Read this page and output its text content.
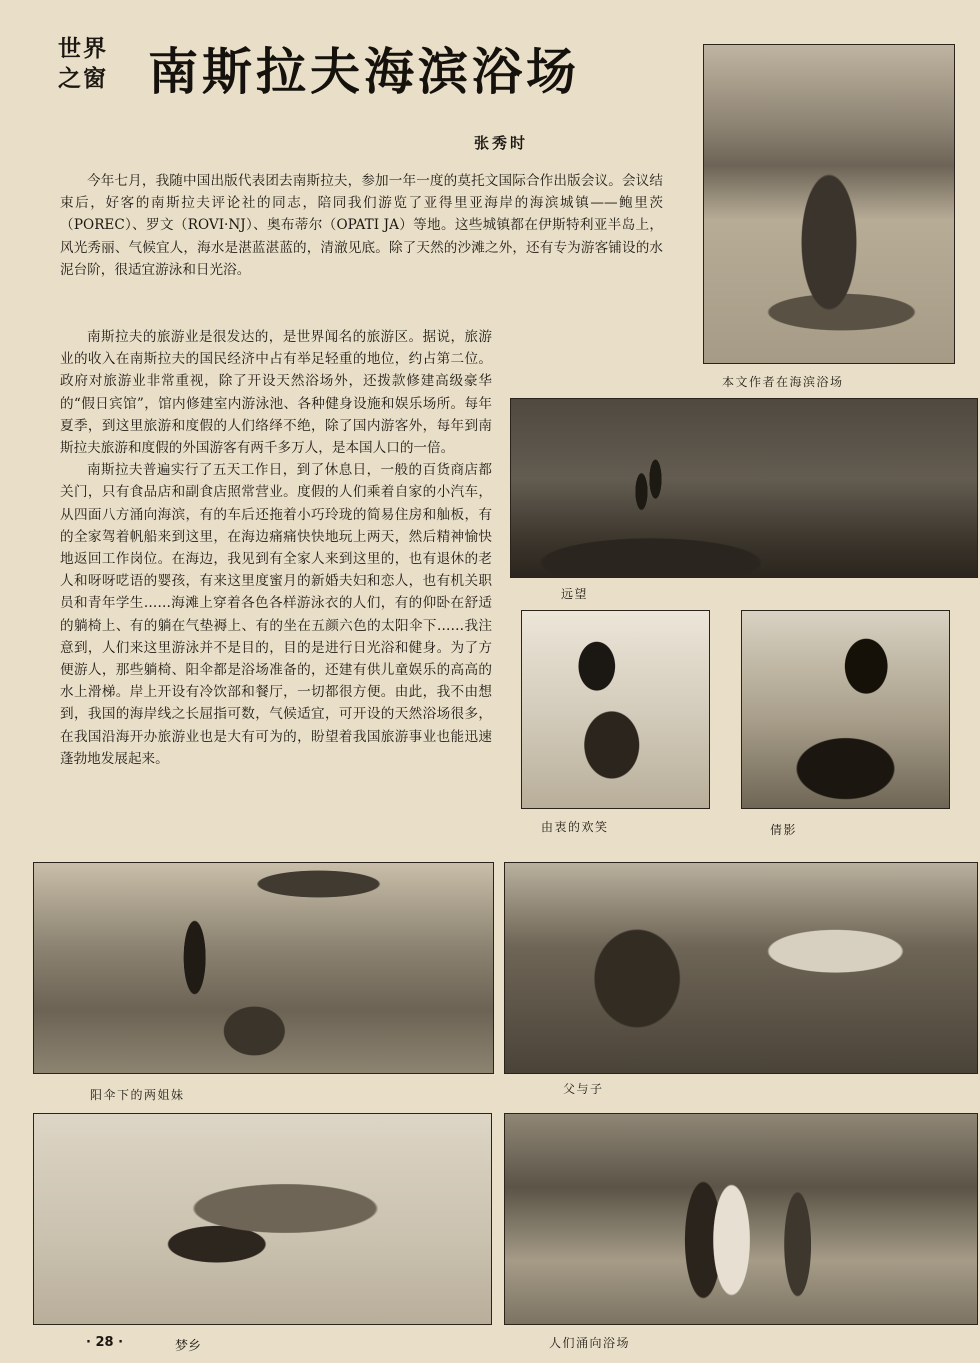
世界
之窗 南斯拉夫海滨浴场
张秀时

今年七月，我随中国出版代表团去南斯拉夫，参加一年一度的莫托文国际合作出版会议。会议结束后，好客的南斯拉夫评论社的同志，陪同我们游览了亚得里亚海岸的海滨城镇——鲍里茨（POREC）、罗文（ROVI·NJ）、奥布蒂尔（OPATI JA）等地。这些城镇都在伊斯特利亚半岛上，风光秀丽、气候宜人，海水是湛蓝湛蓝的，清澈见底。除了天然的沙滩之外，还有专为游客铺设的水泥台阶，很适宜游泳和日光浴。

南斯拉夫的旅游业是很发达的，是世界闻名的旅游区。据说，旅游业的收入在南斯拉夫的国民经济中占有举足轻重的地位，约占第二位。政府对旅游业非常重视，除了开设天然浴场外，还拨款修建高级豪华的“假日宾馆”，馆内修建室内游泳池、各种健身设施和娱乐场所。每年夏季，到这里旅游和度假的人们络绎不绝，除了国内游客外，每年到南斯拉夫旅游和度假的外国游客有两千多万人，是本国人口的一倍。

南斯拉夫普遍实行了五天工作日，到了休息日，一般的百货商店都关门，只有食品店和副食店照常营业。度假的人们乘着自家的小汽车，从四面八方涌向海滨，有的车后还拖着小巧玲珑的简易住房和舢板，有的全家驾着帆船来到这里，在海边痛痛快快地玩上两天，然后精神愉快地返回工作岗位。在海边，我见到有全家人来到这里的，也有退休的老人和呀呀呓语的婴孩，有来这里度蜜月的新婚夫妇和恋人，也有机关职员和青年学生……海滩上穿着各色各样游泳衣的人们，有的仰卧在舒适的躺椅上、有的躺在气垫褥上、有的坐在五颜六色的太阳伞下……我注意到，人们来这里游泳并不是目的，目的是进行日光浴和健身。为了方便游人，那些躺椅、阳伞都是浴场准备的，还建有供儿童娱乐的高高的水上滑梯。岸上开设有冷饮部和餐厅，一切都很方便。由此，我不由想到，我国的海岸线之长屈指可数，气候适宜，可开设的天然浴场很多，在我国沿海开办旅游业也是大有可为的，盼望着我国旅游事业也能迅速蓬勃地发展起来。

本文作者在海滨浴场
远望
由衷的欢笑	倩影
阳伞下的两姐妹	父与子
人们涌向浴场
· 28 ·	梦乡
